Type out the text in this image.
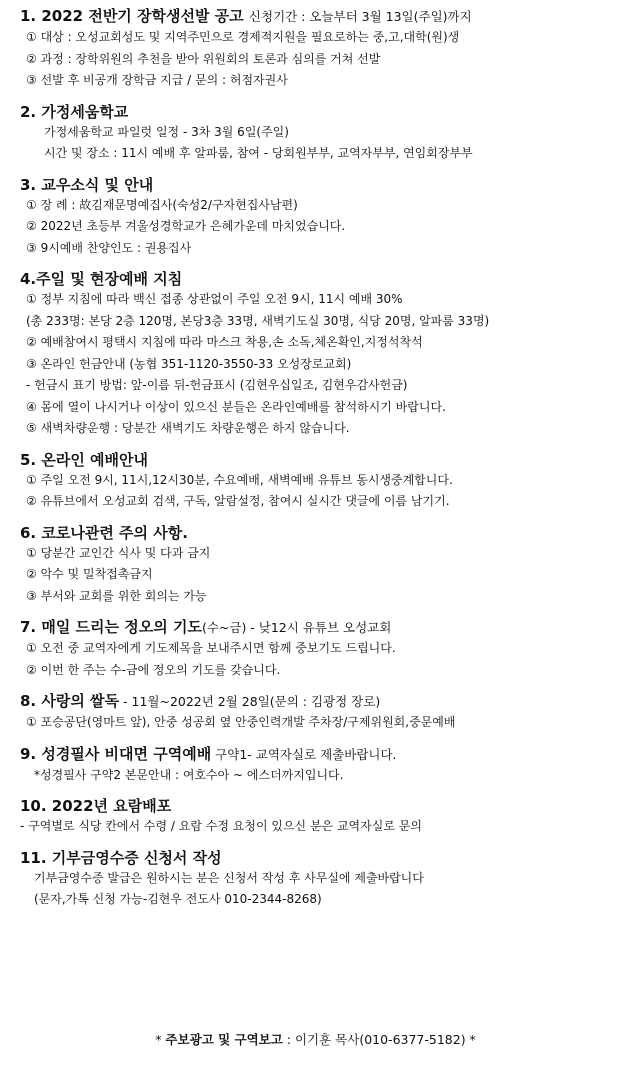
1. 2022 전반기 장학생선발 공고 신청기간 : 오늘부터 3월 13일(주일)까지
① 대상 : 오성교회성도 및 지역주민으로 경제적지원을 필요로하는 중,고,대학(원)생
② 과정 : 장학위원의 추천을 받아 위원회의 토론과 심의를 거쳐 선발
③ 선발 후 비공개 장학금 지급 / 문의 : 허점자권사
2. 가정세움학교
가정세움학교 파일럿 일정 - 3차 3월 6일(주일)
시간 및 장소 : 11시 예배 후 알파룸, 참여 - 당회원부부, 교역자부부, 연임회장부부
3. 교우소식 및 안내
① 장 례 : 故김재문명예집사(숙성2/구자현집사남편)
② 2022년 초등부 겨울성경학교가 은혜가운데 마치었습니다.
③ 9시예배 찬양인도 : 권용집사
4.주일 및 현장예배 지침
① 정부 지침에 따라 백신 접종 상관없이 주일 오전 9시, 11시 예배 30%
(총 233명: 본당 2층 120명, 본당3층 33명, 새벽기도실 30명, 식당 20명, 알파룸 33명)
② 예배참여시 평택시 지침에 따라 마스크 착용,손 소독,체온확인,지정석착석
③ 온라인 헌금안내 (농협 351-1120-3550-33 오성장로교회)
- 헌금시 표기 방법: 앞-이름 뒤-헌금표시 (김현우십일조, 김현우감사헌금)
④ 몸에 열이 나시거나 이상이 있으신 분들은 온라인예배를 참석하시기 바랍니다.
⑤ 새벽차량운행 : 당분간 새벽기도 차량운행은 하지 않습니다.
5. 온라인 예배안내
① 주일 오전 9시, 11시,12시30분, 수요예배, 새벽예배 유튜브 동시생중계합니다.
② 유튜브에서 오성교회 검색, 구독, 알람설정, 참여시 실시간 댓글에 이름 남기기.
6. 코로나관련 주의 사항.
① 당분간 교인간 식사 및 다과 금지
② 악수 및 밀착접촉금지
③ 부서와 교회를 위한 회의는 가능
7. 매일 드리는 정오의 기도(수~금) - 낮12시 유튜브 오성교회
① 오전 중 교역자에게 기도제목을 보내주시면 함께 중보기도 드립니다.
② 이번 한 주는 수-금에 정오의 기도를 갖습니다.
8. 사랑의 쌀독 - 11월~2022년 2월 28일(문의 : 김광정 장로)
① 포승공단(영마트 앞), 안중 성공회 옆 안중인력개발 주차장/구제위원회,중문예배
9. 성경필사 비대면 구역예배 구약1- 교역자실로 제출바랍니다.
*성경필사 구약2 본문안내 : 여호수아 ~ 에스더까지입니다.
10. 2022년 요람배포
- 구역별로 식당 칸에서 수령 / 요람 수정 요청이 있으신 분은 교역자실로 문의
11. 기부금영수증 신청서 작성
기부금영수증 발급은 원하시는 분은 신청서 작성 후 사무실에 제출바랍니다
(문자,가톡 신청 가능-김현우 전도사 010-2344-8268)
* 주보광고 및 구역보고 : 이기훈 목사(010-6377-5182) *
